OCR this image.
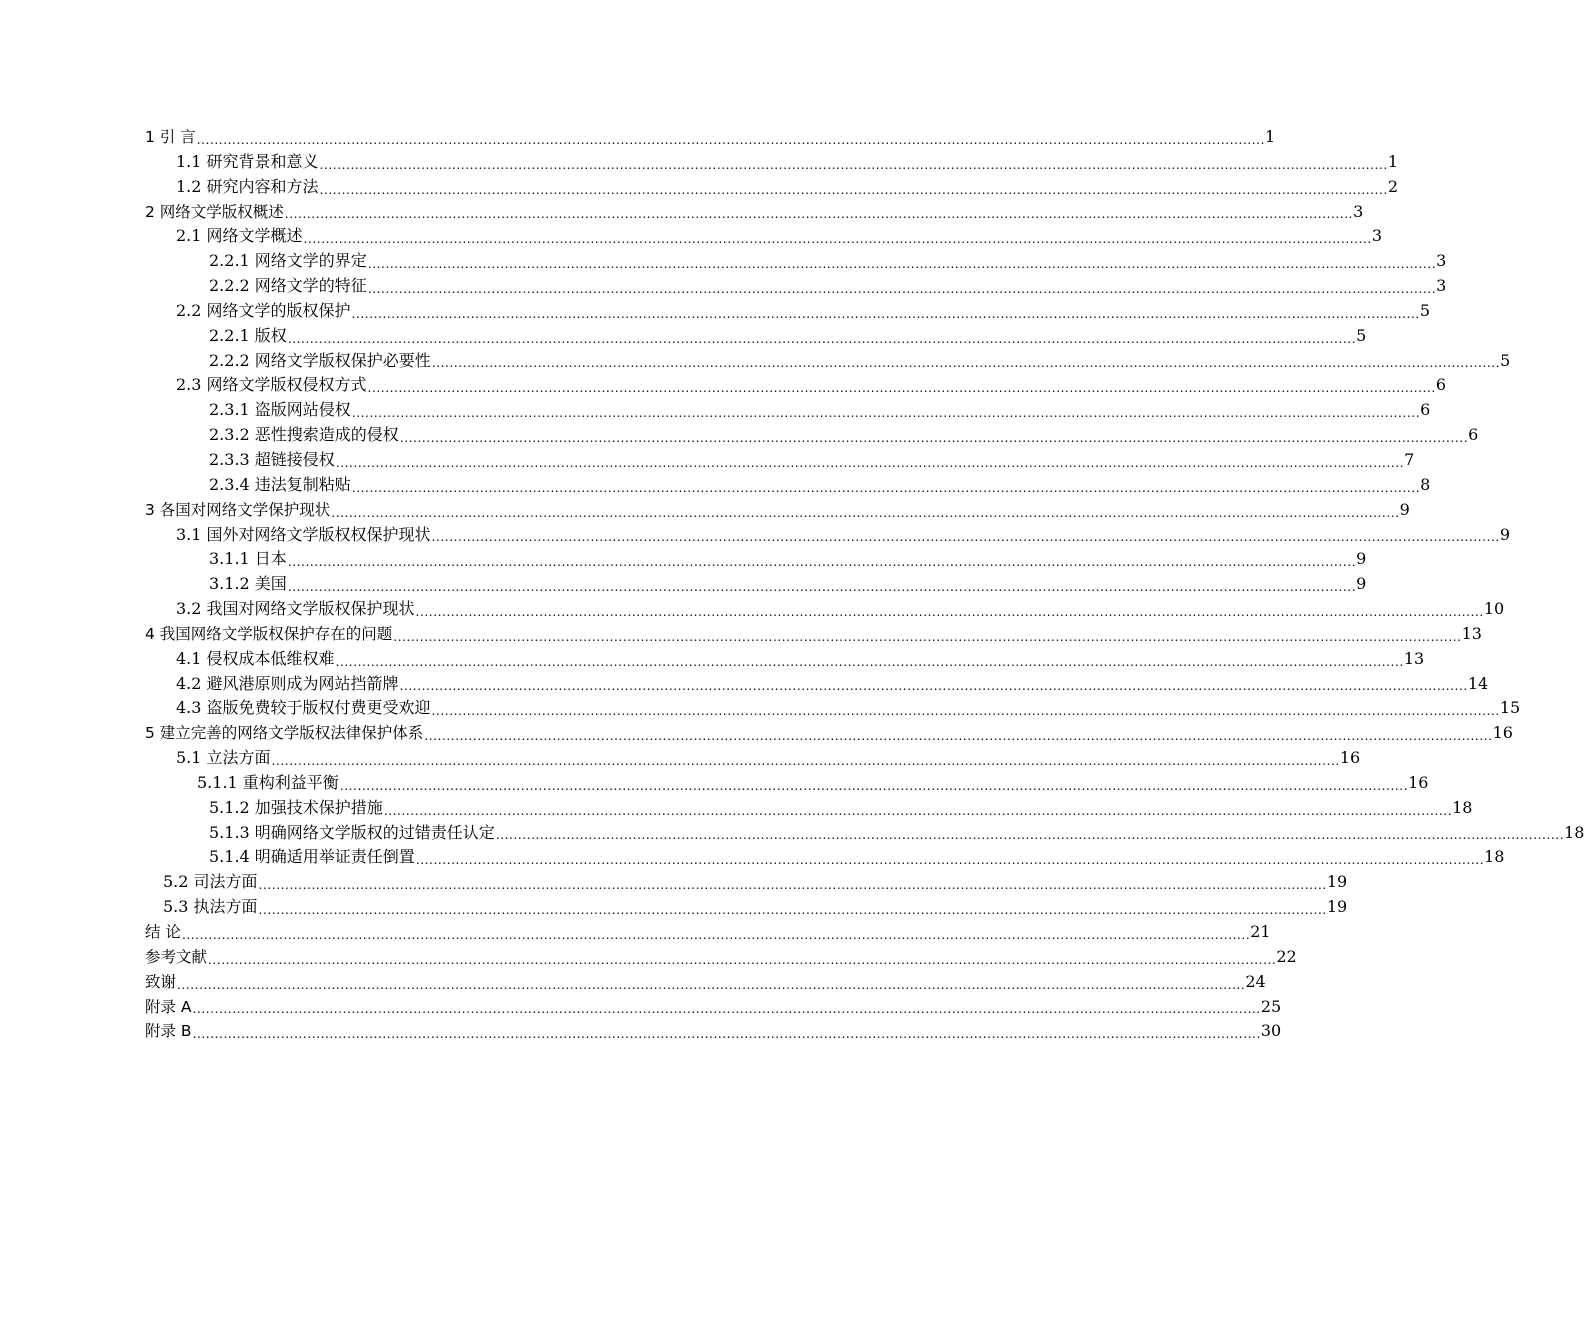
1 引 言 .................................................................................................................................................................................................................................................. 1
1.1 研究背景和意义 .................................................................................................................................................................................................................................................. 1
1.2 研究内容和方法 .................................................................................................................................................................................................................................................. 2
2 网络文学版权概述 .................................................................................................................................................................................................................................................. 3
2.1 网络文学概述 .................................................................................................................................................................................................................................................. 3
2.2.1 网络文学的界定 .................................................................................................................................................................................................................................................. 3
2.2.2 网络文学的特征 .................................................................................................................................................................................................................................................. 3
2.2 网络文学的版权保护 .................................................................................................................................................................................................................................................. 5
2.2.1 版权 .................................................................................................................................................................................................................................................. 5
2.2.2 网络文学版权保护必要性 .................................................................................................................................................................................................................................................. 5
2.3 网络文学版权侵权方式 .................................................................................................................................................................................................................................................. 6
2.3.1 盗版网站侵权 .................................................................................................................................................................................................................................................. 6
2.3.2 恶性搜索造成的侵权 .................................................................................................................................................................................................................................................. 6
2.3.3 超链接侵权 .................................................................................................................................................................................................................................................. 7
2.3.4 违法复制粘贴 .................................................................................................................................................................................................................................................. 8
3 各国对网络文学保护现状 .................................................................................................................................................................................................................................................. 9
3.1 国外对网络文学版权权保护现状 .................................................................................................................................................................................................................................................. 9
3.1.1 日本 .................................................................................................................................................................................................................................................. 9
3.1.2 美国 .................................................................................................................................................................................................................................................. 9
3.2 我国对网络文学版权保护现状 .................................................................................................................................................................................................................................................. 10
4 我国网络文学版权保护存在的问题 .................................................................................................................................................................................................................................................. 13
4.1 侵权成本低维权难 .................................................................................................................................................................................................................................................. 13
4.2 避风港原则成为网站挡箭牌 .................................................................................................................................................................................................................................................. 14
4.3 盗版免费较于版权付费更受欢迎 .................................................................................................................................................................................................................................................. 15
5 建立完善的网络文学版权法律保护体系 .................................................................................................................................................................................................................................................. 16
5.1 立法方面 .................................................................................................................................................................................................................................................. 16
5.1.1 重构利益平衡 .................................................................................................................................................................................................................................................. 16
5.1.2 加强技术保护措施 .................................................................................................................................................................................................................................................. 18
5.1.3 明确网络文学版权的过错责任认定 .................................................................................................................................................................................................................................................. 18
5.1.4 明确适用举证责任倒置 .................................................................................................................................................................................................................................................. 18
5.2 司法方面 .................................................................................................................................................................................................................................................. 19
5.3 执法方面 .................................................................................................................................................................................................................................................. 19
结 论 .................................................................................................................................................................................................................................................. 21
参考文献 .................................................................................................................................................................................................................................................. 22
致谢 .................................................................................................................................................................................................................................................. 24
附录 A .................................................................................................................................................................................................................................................. 25
附录 B .................................................................................................................................................................................................................................................. 30
